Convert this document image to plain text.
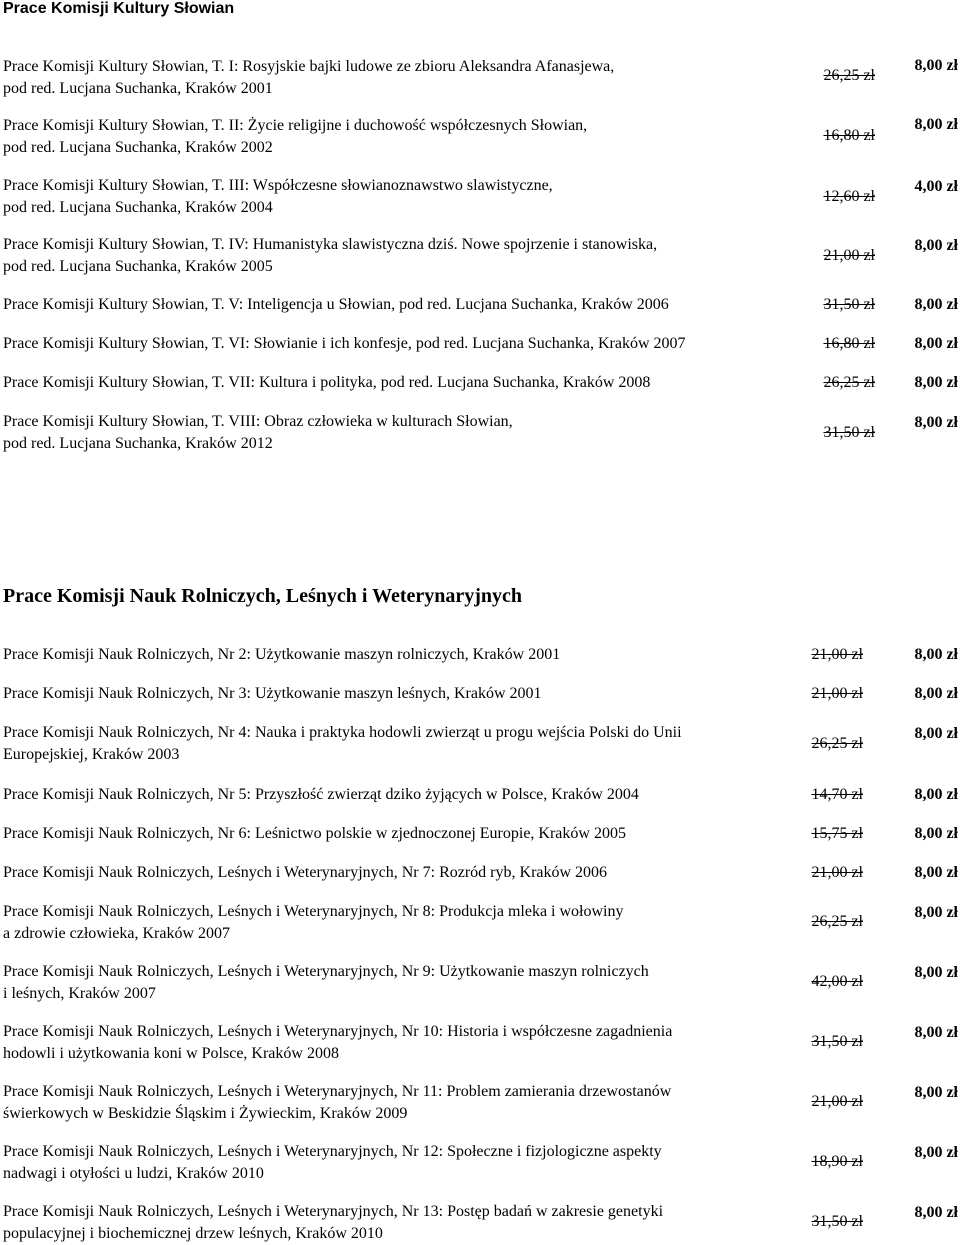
Prace Komisji Kultury Słowian
Prace Komisji Kultury Słowian, T. I: Rosyjskie bajki ludowe ze zbioru Aleksandra Afanasjewa,
pod red. Lucjana Suchanka, Kraków 2001
26,25 zł
8,00 zł
Prace Komisji Kultury Słowian, T. II: Życie religijne i duchowość współczesnych Słowian,
pod red. Lucjana Suchanka, Kraków 2002
16,80 zł
8,00 zł
Prace Komisji Kultury Słowian, T. III: Współczesne słowianoznawstwo slawistyczne,
pod red. Lucjana Suchanka, Kraków 2004
12,60 zł
4,00 zł
Prace Komisji Kultury Słowian, T. IV: Humanistyka slawistyczna dziś. Nowe spojrzenie i stanowiska,
pod red. Lucjana Suchanka, Kraków 2005
21,00 zł
8,00 zł
Prace Komisji Kultury Słowian, T. V: Inteligencja u Słowian, pod red. Lucjana Suchanka, Kraków 2006	31,50 zł	8,00 zł
Prace Komisji Kultury Słowian, T. VI: Słowianie i ich konfesje, pod red. Lucjana Suchanka, Kraków 2007	16,80 zł	8,00 zł
Prace Komisji Kultury Słowian, T. VII: Kultura i polityka, pod red. Lucjana Suchanka, Kraków 2008	26,25 zł	8,00 zł
Prace Komisji Kultury Słowian, T. VIII: Obraz człowieka w kulturach Słowian,
pod red. Lucjana Suchanka, Kraków 2012
31,50 zł
8,00 zł
Prace Komisji Nauk Rolniczych, Leśnych i Weterynaryjnych
Prace Komisji Nauk Rolniczych, Nr 2: Użytkowanie maszyn rolniczych, Kraków 2001	21,00 zł	8,00 zł
Prace Komisji Nauk Rolniczych, Nr 3: Użytkowanie maszyn leśnych, Kraków 2001	21,00 zł	8,00 zł
Prace Komisji Nauk Rolniczych, Nr 4: Nauka i praktyka hodowli zwierząt u progu wejścia Polski do Unii
Europejskiej, Kraków 2003
26,25 zł
8,00 zł
Prace Komisji Nauk Rolniczych, Nr 5: Przyszłość zwierząt dziko żyjących w Polsce, Kraków 2004	14,70 zł	8,00 zł
Prace Komisji Nauk Rolniczych, Nr 6: Leśnictwo polskie w zjednoczonej Europie, Kraków 2005	15,75 zł	8,00 zł
Prace Komisji Nauk Rolniczych, Leśnych i Weterynaryjnych, Nr 7: Rozród ryb, Kraków 2006	21,00 zł	8,00 zł
Prace Komisji Nauk Rolniczych, Leśnych i Weterynaryjnych, Nr 8: Produkcja mleka i wołowiny
a zdrowie człowieka, Kraków 2007
26,25 zł
8,00 zł
Prace Komisji Nauk Rolniczych, Leśnych i Weterynaryjnych, Nr 9: Użytkowanie maszyn rolniczych
i leśnych, Kraków 2007
42,00 zł
8,00 zł
Prace Komisji Nauk Rolniczych, Leśnych i Weterynaryjnych, Nr 10: Historia i współczesne zagadnienia
hodowli i użytkowania koni w Polsce, Kraków 2008
31,50 zł
8,00 zł
Prace Komisji Nauk Rolniczych, Leśnych i Weterynaryjnych, Nr 11: Problem zamierania drzewostanów
świerkowych w Beskidzie Śląskim i Żywieckim, Kraków 2009
21,00 zł
8,00 zł
Prace Komisji Nauk Rolniczych, Leśnych i Weterynaryjnych, Nr 12: Społeczne i fizjologiczne aspekty
nadwagi i otyłości u ludzi, Kraków 2010
18,90 zł
8,00 zł
Prace Komisji Nauk Rolniczych, Leśnych i Weterynaryjnych, Nr 13: Postęp badań w zakresie genetyki
populacyjnej i biochemicznej drzew leśnych, Kraków 2010
31,50 zł
8,00 zł
